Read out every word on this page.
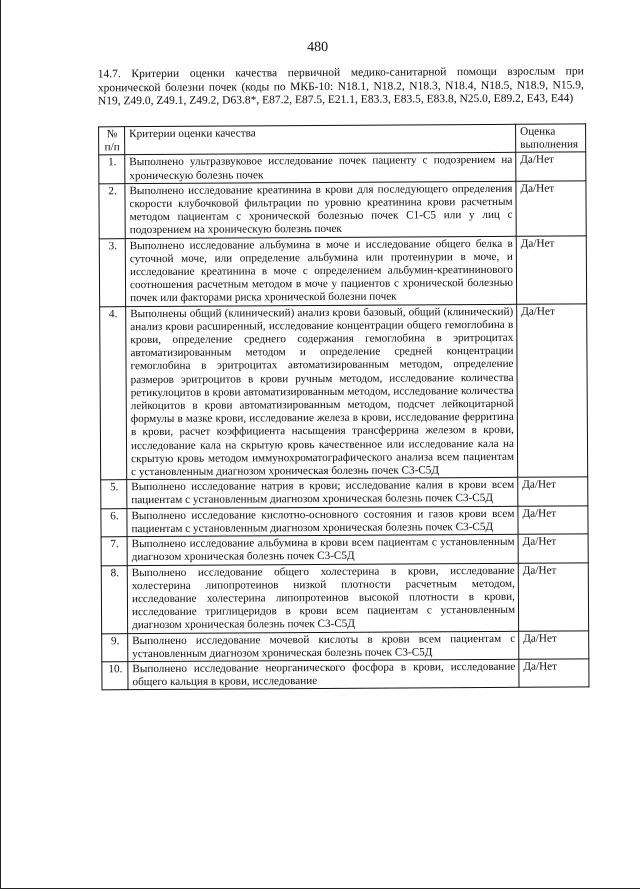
480
14.7. Критерии оценки качества первичной медико-санитарной помощи взрослым при хронической болезни почек (коды по МКБ-10: N18.1, N18.2, N18.3, N18.4, N18.5, N18.9, N15.9, N19, Z49.0, Z49.1, Z49.2, D63.8*, E87.2, E87.5, E21.1, E83.3, E83.5, E83.8, N25.0, E89.2, E43, E44)
№ п/п	Критерии оценки качества	Оценка выполнения
1.	Выполнено ультразвуковое исследование почек пациенту с подозрением на хроническую болезнь почек	Да/Нет
2.	Выполнено исследование креатинина в крови для последующего определения скорости клубочковой фильтрации по уровню креатинина крови расчетным методом пациентам с хронической болезнью почек С1-С5 или у лиц с подозрением на хроническую болезнь почек	Да/Нет
3.	Выполнено исследование альбумина в моче и исследование общего белка в суточной моче, или определение альбумина или протеинурии в моче, и исследование креатинина в моче с определением альбумин-креатининового соотношения расчетным методом в моче у пациентов с хронической болезнью почек или факторами риска хронической болезни почек	Да/Нет
4.	Выполнены общий (клинический) анализ крови базовый, общий (клинический) анализ крови расширенный, исследование концентрации общего гемоглобина в крови, определение среднего содержания гемоглобина в эритроцитах автоматизированным методом и определение средней концентрации гемоглобина в эритроцитах автоматизированным методом, определение размеров эритроцитов в крови ручным методом, исследование количества ретикулоцитов в крови автоматизированным методом, исследование количества лейкоцитов в крови автоматизированным методом, подсчет лейкоцитарной формулы в мазке крови, исследование железа в крови, исследование ферритина в крови, расчет коэффициента насыщения трансферрина железом в крови, исследование кала на скрытую кровь качественное или исследование кала на скрытую кровь методом иммунохроматографического анализа всем пациентам с установленным диагнозом хроническая болезнь почек С3-С5Д	Да/Нет
5.	Выполнено исследование натрия в крови; исследование калия в крови всем пациентам с установленным диагнозом хроническая болезнь почек С3-С5Д	Да/Нет
6.	Выполнено исследование кислотно-основного состояния и газов крови всем пациентам с установленным диагнозом хроническая болезнь почек С3-С5Д	Да/Нет
7.	Выполнено исследование альбумина в крови всем пациентам с установленным диагнозом хроническая болезнь почек С3-С5Д	Да/Нет
8.	Выполнено исследование общего холестерина в крови, исследование холестерина липопротеинов низкой плотности расчетным методом, исследование холестерина липопротеинов высокой плотности в крови, исследование триглицеридов в крови всем пациентам с установленным диагнозом хроническая болезнь почек С3-С5Д	Да/Нет
9.	Выполнено исследование мочевой кислоты в крови всем пациентам с установленным диагнозом хроническая болезнь почек С3-С5Д	Да/Нет
10.	Выполнено исследование неорганического фосфора в крови, исследование общего кальция в крови, исследование	Да/Нет
